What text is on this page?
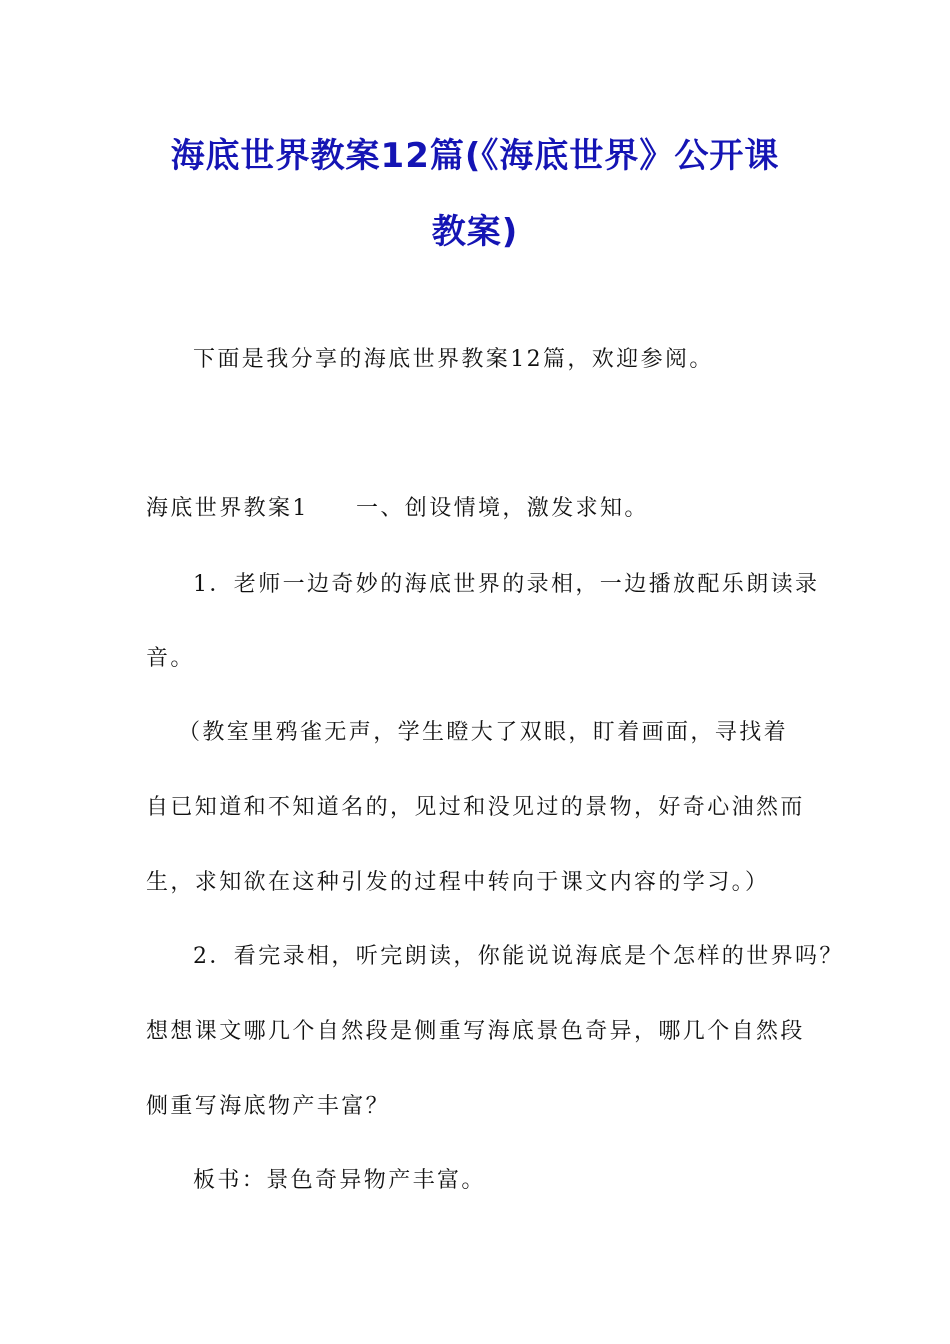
海底世界教案12篇(《海底世界》公开课
教案)
下面是我分享的海底世界教案12篇，欢迎参阅。
海底世界教案1 一、创设情境，激发求知。
1．老师一边奇妙的海底世界的录相，一边播放配乐朗读录
音。
（教室里鸦雀无声，学生瞪大了双眼，盯着画面，寻找着
自已知道和不知道名的，见过和没见过的景物，好奇心油然而
生，求知欲在这种引发的过程中转向于课文内容的学习。）
2．看完录相，听完朗读，你能说说海底是个怎样的世界吗？
想想课文哪几个自然段是侧重写海底景色奇异，哪几个自然段
侧重写海底物产丰富？
板书：景色奇异物产丰富。
